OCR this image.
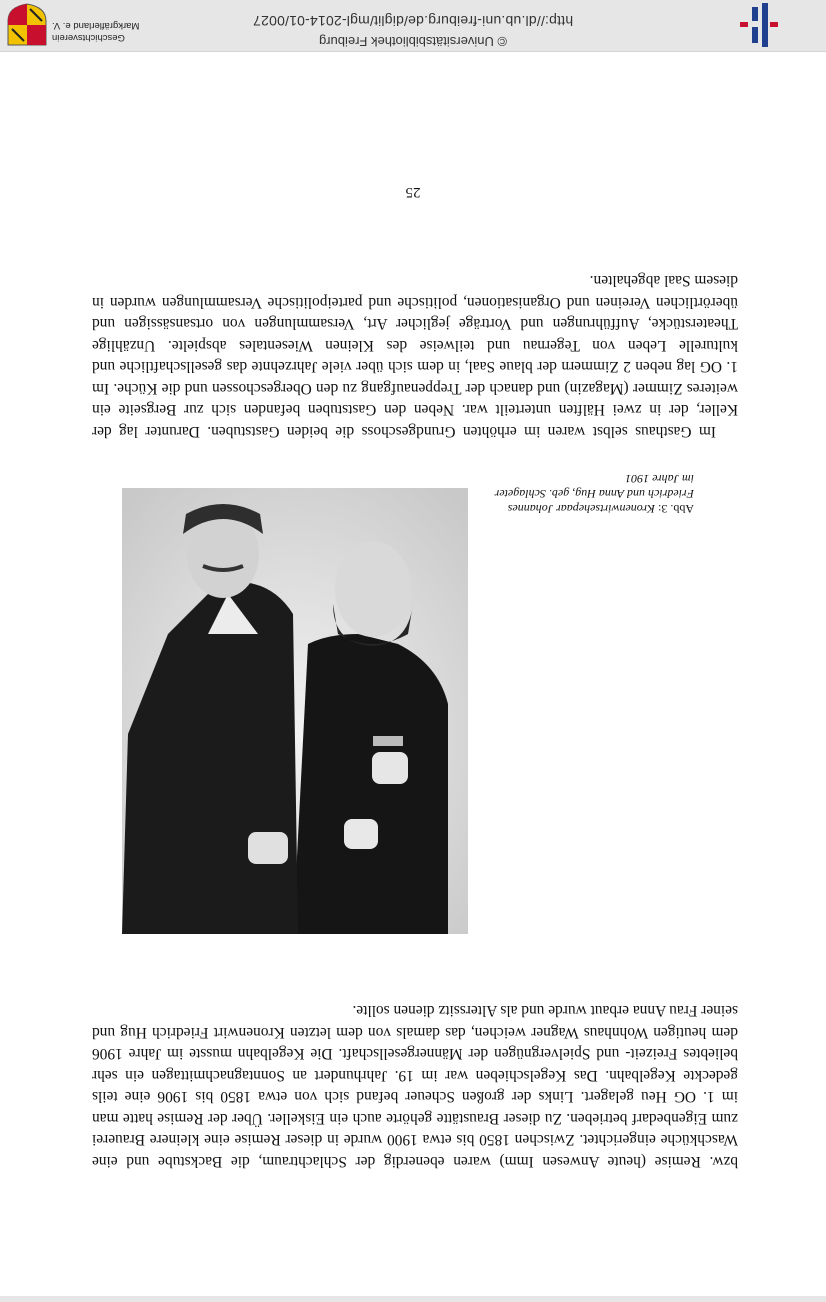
bzw. Remise (heute Anwesen Imm) waren ebenerdig der Schlachtraum, die Backstube und eine Waschküche eingerichtet. Zwischen 1850 bis etwa 1900 wurde in dieser Remise eine kleinere Brauerei zum Eigenbedarf betrieben. Zu dieser Braustätte gehörte auch ein Eiskeller. Über der Remise hatte man im 1. OG Heu gelagert. Links der großen Scheuer befand sich von etwa 1850 bis 1906 eine teils gedeckte Kegelbahn. Das Kegelschieben war im 19. Jahrhundert an Sonntagnachmittagen ein sehr beliebtes Freizeit- und Spielvergnügen der Männergesellschaft. Die Kegelbahn musste im Jahre 1906 dem heutigen Wohnhaus Wagner weichen, das damals von dem letzten Kronenwirt Friedrich Hug und seiner Frau Anna erbaut wurde und als Alterssitz dienen sollte.

Abb. 3: Kronenwirtsehepaar Johannes Friedrich und Anna Hug, geb. Schlageter im Jahre 1901

Im Gasthaus selbst waren im erhöhten Grundgeschoss die beiden Gaststuben. Darunter lag der Keller, der in zwei Hälften unterteilt war. Neben den Gaststuben befanden sich zur Bergseite ein weiteres Zimmer (Magazin) und danach der Treppenaufgang zu den Obergeschossen und die Küche. Im 1. OG lag neben 2 Zimmern der blaue Saal, in dem sich über viele Jahrzehnte das gesellschaftliche und kulturelle Leben von Tegernau und teilweise des Kleinen Wiesentales abspielte. Unzählige Theaterstücke, Aufführungen und Vorträge jeglicher Art, Versammlungen von ortsansässigen und überörtlichen Vereinen und Organisationen, politische und parteipolitische Versammlungen wurden in diesem Saal abgehalten.

25
© Universitätsbibliothek Freiburg
http://dl.ub.uni-freiburg.de/diglit/mgl-2014-01/0027
Geschichtsverein
Markgräflerland e. V.
